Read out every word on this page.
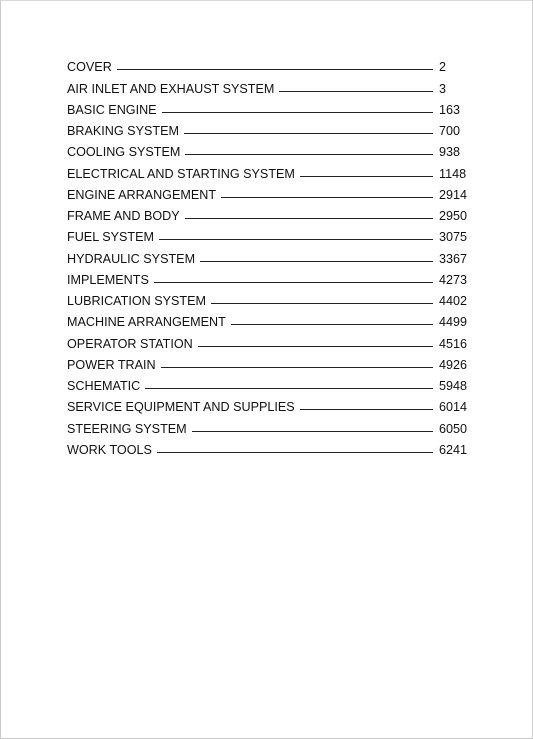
COVER	2
AIR INLET AND EXHAUST SYSTEM	3
BASIC ENGINE	163
BRAKING SYSTEM	700
COOLING SYSTEM	938
ELECTRICAL AND STARTING SYSTEM	1148
ENGINE ARRANGEMENT	2914
FRAME AND BODY	2950
FUEL SYSTEM	3075
HYDRAULIC SYSTEM	3367
IMPLEMENTS	4273
LUBRICATION SYSTEM	4402
MACHINE ARRANGEMENT	4499
OPERATOR STATION	4516
POWER TRAIN	4926
SCHEMATIC	5948
SERVICE EQUIPMENT AND SUPPLIES	6014
STEERING SYSTEM	6050
WORK TOOLS	6241
